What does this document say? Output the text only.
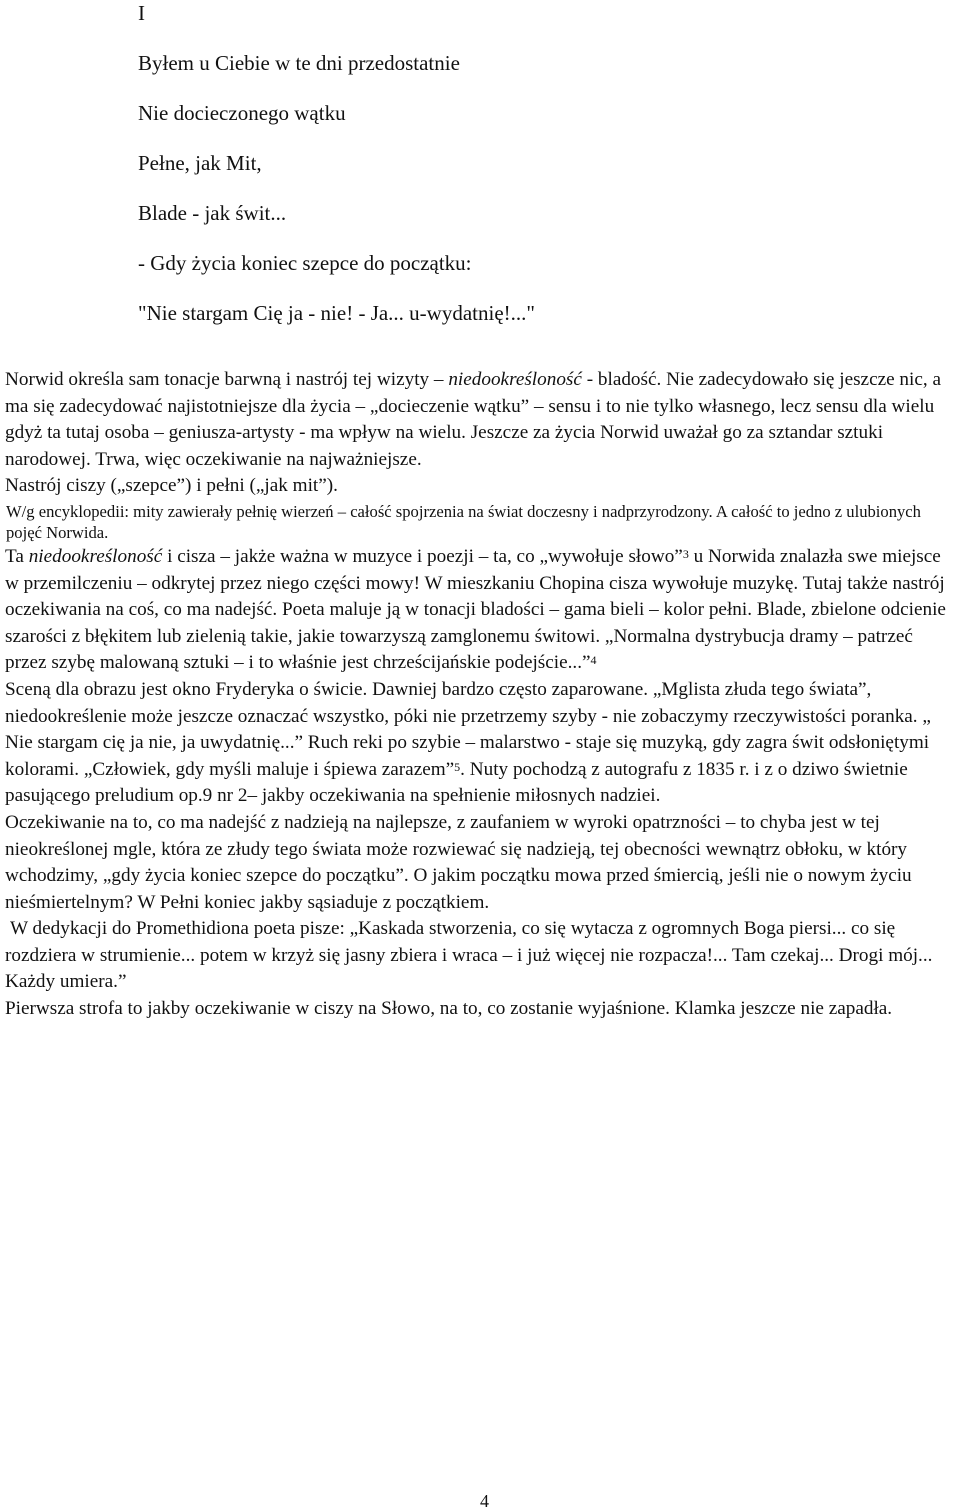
I
Byłem u Ciebie w te dni przedostatnie
Nie docieczonego wątku
Pełne, jak Mit,
Blade - jak świt...
- Gdy życia koniec szepce do początku:
"Nie stargam Cię ja - nie! - Ja... u-wydatnię!..."

Norwid określa sam tonacje barwną i nastrój tej wizyty – niedookreśloność - bladość. Nie zadecydowało się jeszcze nic, a ma się zadecydować najistotniejsze dla życia – „docieczenie wątku” – sensu i to nie tylko własnego, lecz sensu dla wielu gdyż ta tutaj osoba – geniusza-artysty - ma wpływ na wielu. Jeszcze za życia Norwid uważał go za sztandar sztuki narodowej. Trwa, więc oczekiwanie na najważniejsze.

Nastrój ciszy („szepce”) i pełni („jak mit”).

W/g encyklopedii: mity zawierały pełnię wierzeń – całość spojrzenia na świat doczesny i nadprzyrodzony. A całość to jedno z ulubionych pojęć Norwida.

Ta niedookreśloność i cisza – jakże ważna w muzyce i poezji – ta, co „wywołuje słowo”$^3$ u Norwida znalazła swe miejsce w przemilczeniu – odkrytej przez niego części mowy! W mieszkaniu Chopina cisza wywołuje muzykę. Tutaj także nastrój oczekiwania na coś, co ma nadejść. Poeta maluje ją w tonacji bladości – gama bieli – kolor pełni. Blade, zbielone odcienie szarości z błękitem lub zielenią takie, jakie towarzyszą zamglonemu świtowi. „Normalna dystrybucja dramy – patrzeć przez szybę malowaną sztuki – i to właśnie jest chrześcijańskie podejście...”$^4$

Sceną dla obrazu jest okno Fryderyka o świcie. Dawniej bardzo często zaparowane. „Mglista złuda tego świata”, niedookreślenie może jeszcze oznaczać wszystko, póki nie przetrzemy szyby - nie zobaczymy rzeczywistości poranka. „ Nie stargam cię ja nie, ja uwydatnię...” Ruch reki po szybie – malarstwo - staje się muzyką, gdy zagra świt odsłoniętymi kolorami. „Człowiek, gdy myśli maluje i śpiewa zarazem”$^5$. Nuty pochodzą z autografu z 1835 r. i z o dziwo świetnie pasującego preludium op.9 nr 2– jakby oczekiwania na spełnienie miłosnych nadziei.

Oczekiwanie na to, co ma nadejść z nadzieją na najlepsze, z zaufaniem w wyroki opatrzności – to chyba jest w tej nieokreślonej mgle, która ze złudy tego świata może rozwiewać się nadzieją, tej obecności wewnątrz obłoku, w który wchodzimy, „gdy życia koniec szepce do początku”. O jakim początku mowa przed śmiercią, jeśli nie o nowym życiu nieśmiertelnym? W Pełni koniec jakby sąsiaduje z początkiem.

W dedykacji do Promethidiona poeta pisze: „Kaskada stworzenia, co się wytacza z ogromnych Boga piersi... co się rozdziera w strumienie... potem w krzyż się jasny zbiera i wraca – i już więcej nie rozpacza!... Tam czekaj... Drogi mój... Każdy umiera.”

Pierwsza strofa to jakby oczekiwanie w ciszy na Słowo, na to, co zostanie wyjaśnione. Klamka jeszcze nie zapadła.

4
